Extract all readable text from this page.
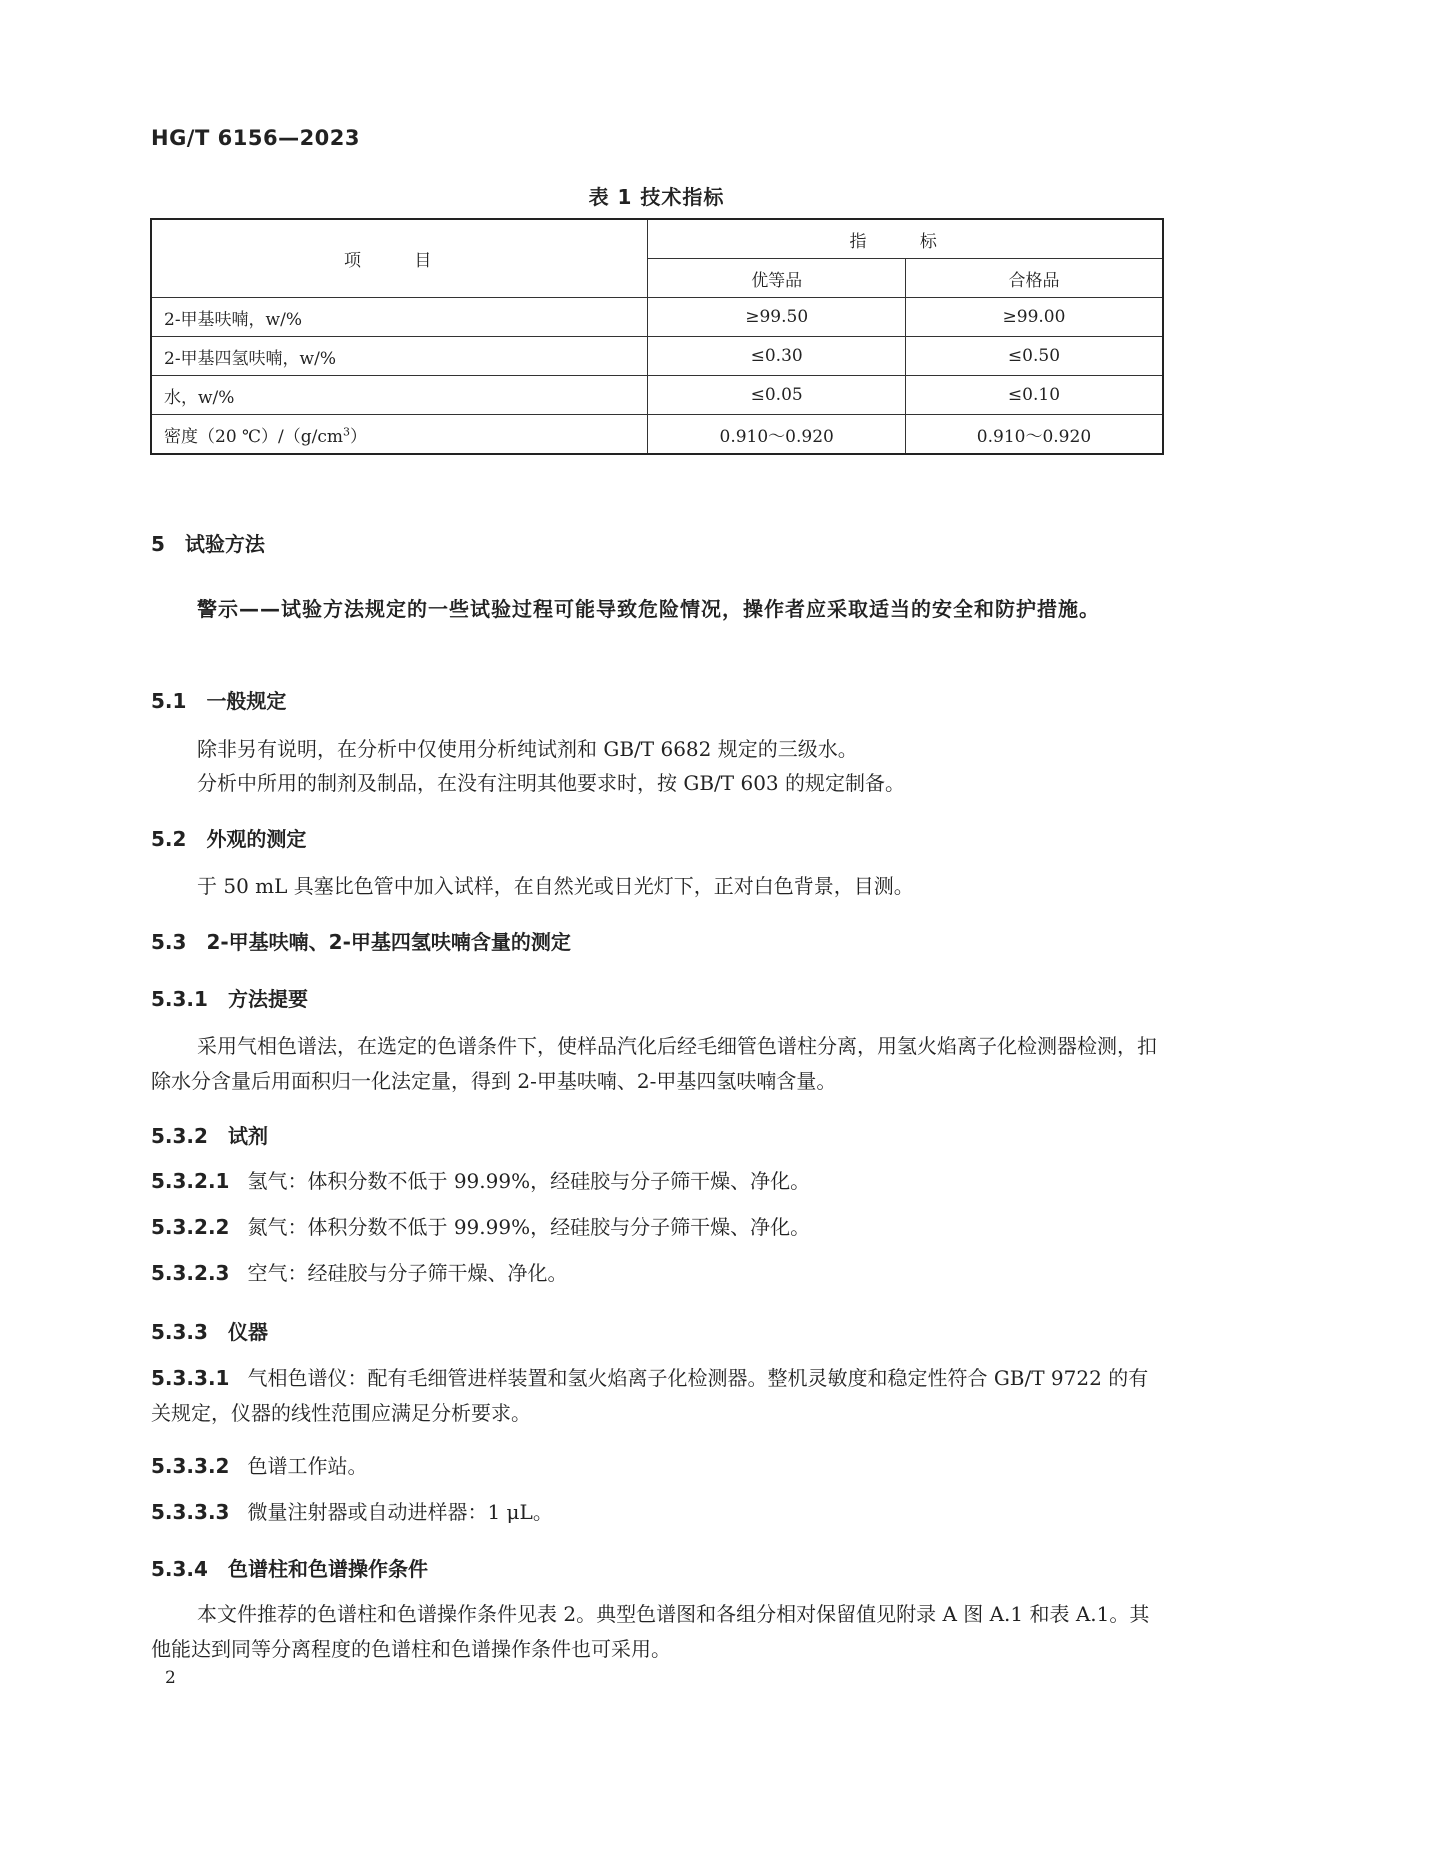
HG/T 6156—2023
表 1 技术指标
项 目	指 标	
	优等品	合格品
2-甲基呋喃，w/%	≥99.50	≥99.00
2-甲基四氢呋喃，w/%	≤0.30	≤0.50
水，w/%	≤0.05	≤0.10
密度（20 $℃)/(g/cm^3)$	0.910～0.920	0.910～0.920
5 试验方法
警示——试验方法规定的一些试验过程可能导致危险情况，操作者应采取适当的安全和防护措施。
5.1 一般规定
除非另有说明，在分析中仅使用分析纯试剂和 GB/T 6682 规定的三级水。
分析中所用的制剂及制品，在没有注明其他要求时，按 GB/T 603 的规定制备。
5.2 外观的测定
于 50 mL 具塞比色管中加入试样，在自然光或日光灯下，正对白色背景，目测。
5.3 2-甲基呋喃、2-甲基四氢呋喃含量的测定
5.3.1 方法提要
采用气相色谱法，在选定的色谱条件下，使样品汽化后经毛细管色谱柱分离，用氢火焰离子化检测器检测，扣除水分含量后用面积归一化法定量，得到 2-甲基呋喃、2-甲基四氢呋喃含量。
5.3.2 试剂
5.3.2.1 氢气：体积分数不低于 99.99%，经硅胶与分子筛干燥、净化。
5.3.2.2 氮气：体积分数不低于 99.99%，经硅胶与分子筛干燥、净化。
5.3.2.3 空气：经硅胶与分子筛干燥、净化。
5.3.3 仪器
5.3.3.1 气相色谱仪：配有毛细管进样装置和氢火焰离子化检测器。整机灵敏度和稳定性符合 GB/T 9722 的有关规定，仪器的线性范围应满足分析要求。
5.3.3.2 色谱工作站。
5.3.3.3 微量注射器或自动进样器：1 μL。
5.3.4 色谱柱和色谱操作条件
本文件推荐的色谱柱和色谱操作条件见表 2。典型色谱图和各组分相对保留值见附录 A 图 A.1 和表 A.1。其他能达到同等分离程度的色谱柱和色谱操作条件也可采用。
2
